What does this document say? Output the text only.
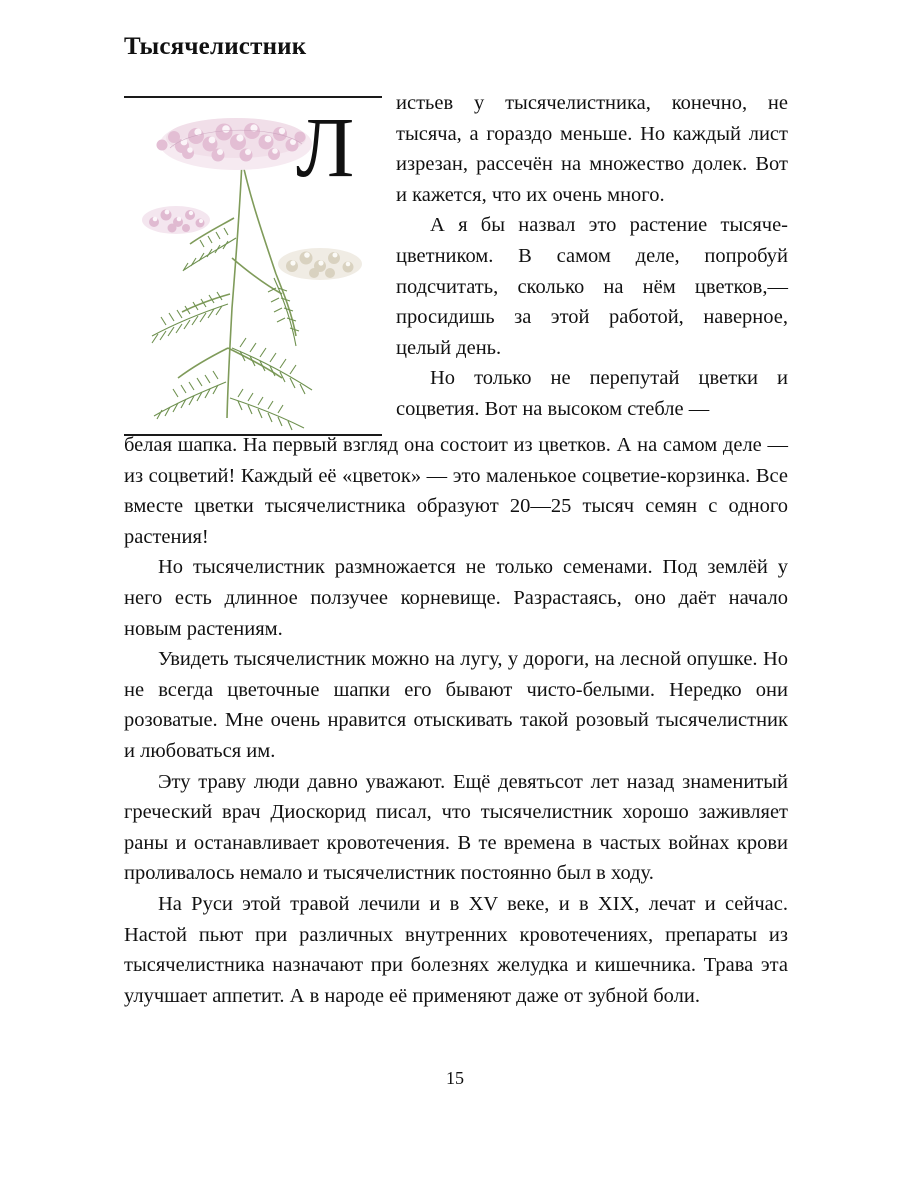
Тысячелистник
Л истьев у тысячелистника, конечно, не тысяча, а гораздо меньше. Но каждый лист изрезан, рассечён на множество долек. Вот и кажется, что их очень много.

А я бы назвал это растение тысячецветником. В самом деле, попробуй подсчитать, сколько на нём цветков,— просидишь за этой работой, наверное, целый день.

Но только не перепутай цветки и соцветия. Вот на высоком стебле —

белая шапка. На первый взгляд она состоит из цветков. А на самом деле — из соцветий! Каждый её «цветок» — это маленькое соцветие-корзинка. Все вместе цветки тысячелистника образуют 20—25 тысяч семян с одного растения!

Но тысячелистник размножается не только семенами. Под землёй у него есть длинное ползучее корневище. Разрастаясь, оно даёт начало новым растениям.

Увидеть тысячелистник можно на лугу, у дороги, на лесной опушке. Но не всегда цветочные шапки его бывают чисто-белыми. Нередко они розоватые. Мне очень нравится отыскивать такой розовый тысячелистник и любоваться им.

Эту траву люди давно уважают. Ещё девятьсот лет назад знаменитый греческий врач Диоскорид писал, что тысячелистник хорошо заживляет раны и останавливает кровотечения. В те времена в частых войнах крови проливалось немало и тысячелистник постоянно был в ходу.

На Руси этой травой лечили и в XV веке, и в XIX, лечат и сейчас. Настой пьют при различных внутренних кровотечениях, препараты из тысячелистника назначают при болезнях желудка и кишечника. Трава эта улучшает аппетит. А в народе её применяют даже от зубной боли.

15
